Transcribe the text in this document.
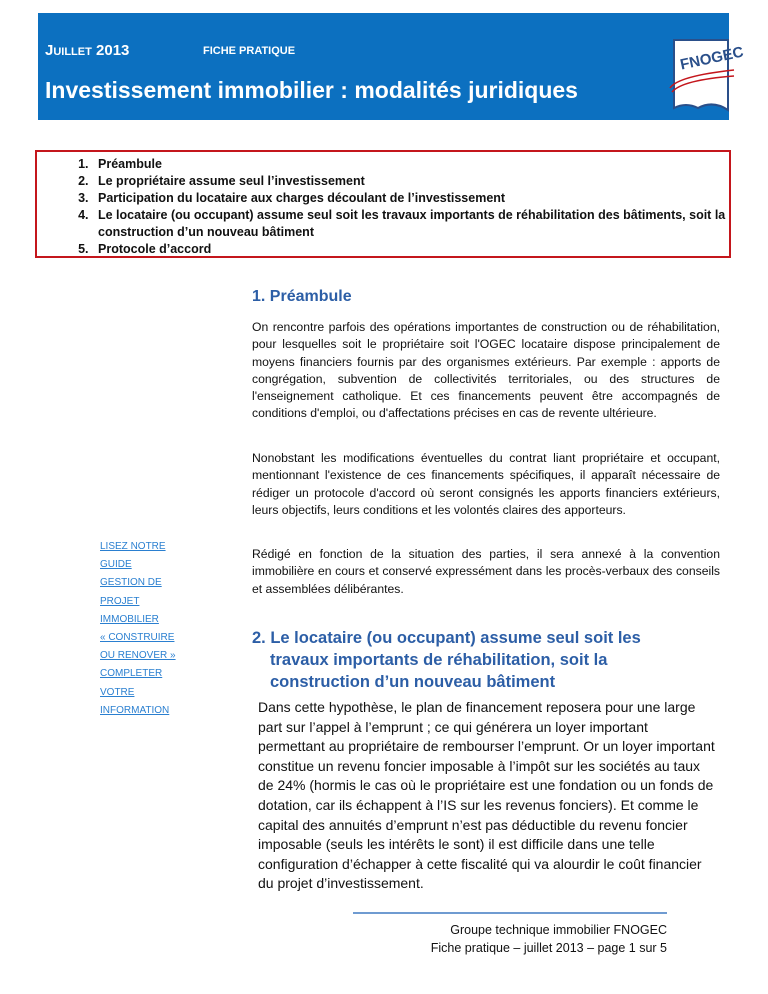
Juillet 2013	FICHE PRATIQUE
Investissement immobilier : modalités juridiques
FNOGEC
1. Préambule
2. Le propriétaire assume seul l’investissement
3. Participation du locataire aux charges découlant de l’investissement
4. Le locataire (ou occupant) assume seul soit les travaux importants de réhabilitation des bâtiments, soit la construction d’un nouveau bâtiment
5. Protocole d’accord
1. Préambule

On rencontre parfois des opérations importantes de construction ou de réhabilitation, pour lesquelles soit le propriétaire soit l'OGEC locataire dispose principalement de moyens financiers fournis par des organismes extérieurs. Par exemple : apports de congrégation, subvention de collectivités territoriales, ou des structures de l'enseignement catholique. Et ces financements peuvent être accompagnés de conditions d'emploi, ou d'affectations précises en cas de revente ultérieure.

Nonobstant les modifications éventuelles du contrat liant propriétaire et occupant, mentionnant l'existence de ces financements spécifiques, il apparaît nécessaire de rédiger un protocole d'accord où seront consignés les apports financiers extérieurs, leurs objectifs, leurs conditions et les volontés claires des apporteurs.

Rédigé en fonction de la situation des parties, il sera annexé à la convention immobilière en cours et conservé expressément dans les procès-verbaux des conseils et assemblées délibérantes.

LISEZ NOTRE
GUIDE
GESTION DE
PROJET
IMMOBILIER
« CONSTRUIRE
OU RENOVER »
COMPLETER
VOTRE
INFORMATION
2. Le locataire (ou occupant) assume seul soit les travaux importants de réhabilitation, soit la construction d’un nouveau bâtiment

Dans cette hypothèse, le plan de financement reposera pour une large part sur l’appel à l’emprunt ; ce qui générera un loyer important permettant au propriétaire de rembourser l’emprunt. Or un loyer important constitue un revenu foncier imposable à l’impôt sur les sociétés au taux de 24% (hormis le cas où le propriétaire est une fondation ou un fonds de dotation, car ils échappent à l’IS sur les revenus fonciers). Et comme le capital des annuités d’emprunt n’est pas déductible du revenu foncier imposable (seuls les intérêts le sont) il est difficile dans une telle configuration d’échapper à cette fiscalité qui va alourdir le coût financier du projet d’investissement.

Groupe technique immobilier FNOGEC
Fiche pratique – juillet 2013 – page 1 sur 5
